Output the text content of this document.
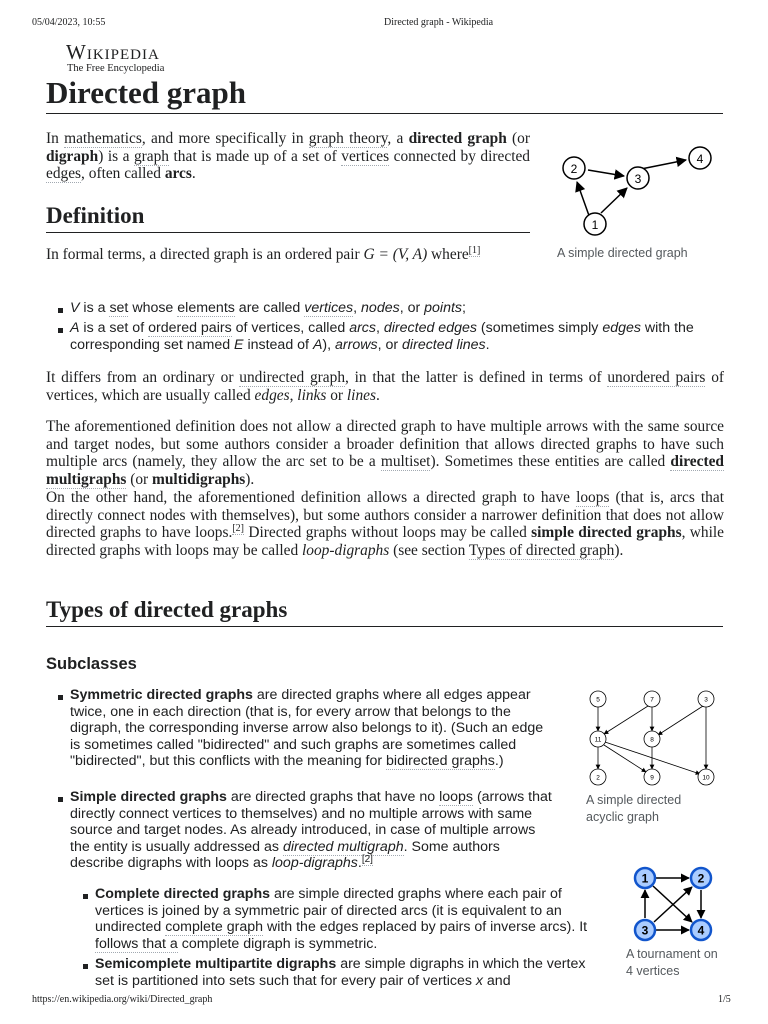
05/04/2023, 10:55	Directed graph - Wikipedia
https://en.wikipedia.org/wiki/Directed_graph	1/5
Wikipedia
The Free Encyclopedia
Directed graph
In mathematics, and more specifically in graph theory, a directed graph (or digraph) is a graph that is made up of a set of vertices connected by directed edges, often called arcs.
1
2
3
4
A simple directed graph
Definition
In formal terms, a directed graph is an ordered pair G = (V, A) where[1]
V is a set whose elements are called vertices, nodes, or points;
A is a set of ordered pairs of vertices, called arcs, directed edges (sometimes simply edges with the corresponding set named E instead of A), arrows, or directed lines.
It differs from an ordinary or undirected graph, in that the latter is defined in terms of unordered pairs of vertices, which are usually called edges, links or lines.
The aforementioned definition does not allow a directed graph to have multiple arrows with the same source and target nodes, but some authors consider a broader definition that allows directed graphs to have such multiple arcs (namely, they allow the arc set to be a multiset). Sometimes these entities are called directed multigraphs (or multidigraphs).
On the other hand, the aforementioned definition allows a directed graph to have loops (that is, arcs that directly connect nodes with themselves), but some authors consider a narrower definition that does not allow directed graphs to have loops.[2] Directed graphs without loops may be called simple directed graphs, while directed graphs with loops may be called loop-digraphs (see section Types of directed graph).
Types of directed graphs
Subclasses
Symmetric directed graphs are directed graphs where all edges appear twice, one in each direction (that is, for every arrow that belongs to the digraph, the corresponding inverse arrow also belongs to it). (Such an edge is sometimes called "bidirected" and such graphs are sometimes called "bidirected", but this conflicts with the meaning for bidirected graphs.)
Simple directed graphs are directed graphs that have no loops (arrows that directly connect vertices to themselves) and no multiple arrows with same source and target nodes. As already introduced, in case of multiple arrows the entity is usually addressed as directed multigraph. Some authors describe digraphs with loops as loop-digraphs.[2]
Complete directed graphs are simple directed graphs where each pair of vertices is joined by a symmetric pair of directed arcs (it is equivalent to an undirected complete graph with the edges replaced by pairs of inverse arcs). It follows that a complete digraph is symmetric.
Semicomplete multipartite digraphs are simple digraphs in which the vertex set is partitioned into sets such that for every pair of vertices x and
5	7	3
11	8
2	9	10
A simple directed acyclic graph
1	2
3	4
A tournament on 4 vertices
